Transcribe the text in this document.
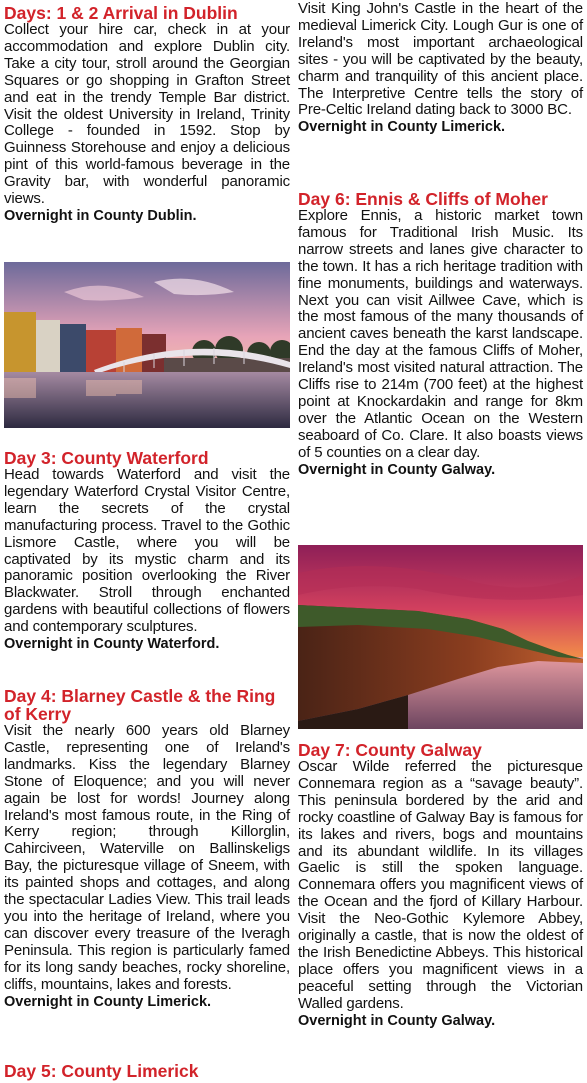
Days: 1 & 2 Arrival in Dublin

Collect your hire car, check in at your accommodation and explore Dublin city. Take a city tour, stroll around the Georgian Squares or go shopping in Grafton Street and eat in the trendy Temple Bar district. Visit the oldest University in Ireland, Trinity College - founded in 1592. Stop by Guinness Storehouse and enjoy a delicious pint of this world-famous beverage in the Gravity bar, with wonderful panoramic views.

Overnight in County Dublin.
Day 3: County Waterford

Head towards Waterford and visit the legendary Waterford Crystal Visitor Centre, learn the secrets of the crystal manufacturing process. Travel to the Gothic Lismore Castle, where you will be captivated by its mystic charm and its panoramic position overlooking the River Blackwater. Stroll through enchanted gardens with beautiful collections of flowers and contemporary sculptures.

Overnight in County Waterford.
Day 4: Blarney Castle & the Ring of Kerry

Visit the nearly 600 years old Blarney Castle, representing one of Ireland's landmarks. Kiss the legendary Blarney Stone of Eloquence; and you will never again be lost for words! Journey along Ireland's most famous route, in the Ring of Kerry region; through Killorglin, Cahirciveen, Waterville on Ballinskeligs Bay, the picturesque village of Sneem, with its painted shops and cottages, and along the spectacular Ladies View. This trail leads you into the heritage of Ireland, where you can discover every treasure of the Iveragh Peninsula. This region is particularly famed for its long sandy beaches, rocky shoreline, cliffs, mountains, lakes and forests.

Overnight in County Limerick.
Day 5: County Limerick

Visit King John's Castle in the heart of the medieval Limerick City. Lough Gur is one of Ireland's most important archaeological sites - you will be captivated by the beauty, charm and tranquility of this ancient place. The Interpretive Centre tells the story of Pre-Celtic Ireland dating back to 3000 BC.

Overnight in County Limerick.
Day 6: Ennis & Cliffs of Moher

Explore Ennis, a historic market town famous for Traditional Irish Music. Its narrow streets and lanes give character to the town. It has a rich heritage tradition with fine monuments, buildings and waterways. Next you can visit Aillwee Cave, which is the most famous of the many thousands of ancient caves beneath the karst landscape. End the day at the famous Cliffs of Moher, Ireland's most visited natural attraction. The Cliffs rise to 214m (700 feet) at the highest point at Knockardakin and range for 8km over the Atlantic Ocean on the Western seaboard of Co. Clare. It also boasts views of 5 counties on a clear day.

Overnight in County Galway.
Day 7: County Galway

Oscar Wilde referred the picturesque Connemara region as a “savage beauty”. This peninsula bordered by the arid and rocky coastline of Galway Bay is famous for its lakes and rivers, bogs and mountains and its abundant wildlife. In its villages Gaelic is still the spoken language. Connemara offers you magnificent views of the Ocean and the fjord of Killary Harbour. Visit the Neo-Gothic Kylemore Abbey, originally a castle, that is now the oldest of the Irish Benedictine Abbeys. This historical place offers you magnificent views in a peaceful setting through the Victorian Walled gardens.

Overnight in County Galway.
